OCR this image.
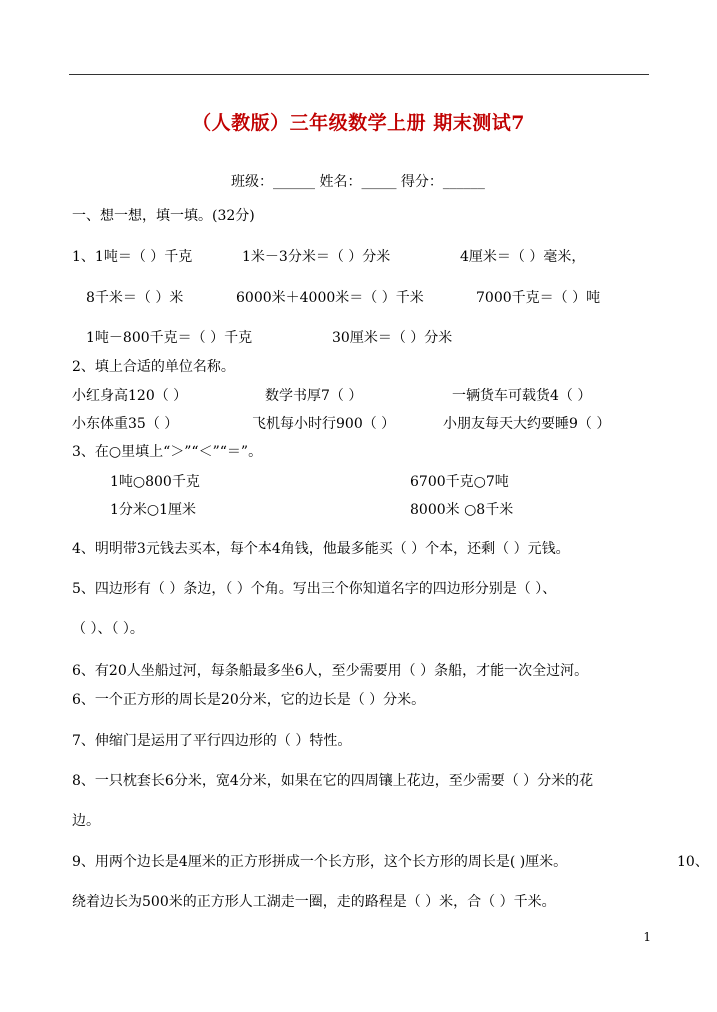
（人教版）三年级数学上册 期末测试7
班级：______ 姓名：_____ 得分：______
一、想一想，填一填。(32分)
1、1吨＝（ ）千克	1米－3分米＝（ ）分米	4厘米＝（ ）毫米，
8千米＝（ ）米	6000米＋4000米＝（ ）千米	7000千克＝（ ）吨
1吨－800千克＝（ ）千克	30厘米＝（ ）分米
2、填上合适的单位名称。
小红身高120（ ）	数学书厚7（ ）	一辆货车可载货4（ ）
小东体重35（ ）	飞机每小时行900（ ）	小朋友每天大约要睡9（ ）
3、在○里填上“＞”“＜”“＝”。
1吨○800千克	6700千克○7吨
1分米○1厘米	8000米 ○8千米
4、明明带3元钱去买本，每个本4角钱，他最多能买（ ）个本，还剩（ ）元钱。
5、四边形有（ ）条边，（ ）个角。写出三个你知道名字的四边形分别是（ ）、
（ ）、（ ）。
6、有20人坐船过河，每条船最多坐6人，至少需要用（ ）条船，才能一次全过河。
6、一个正方形的周长是20分米，它的边长是（ ）分米。
7、伸缩门是运用了平行四边形的（ ）特性。
8、一只枕套长6分米，宽4分米，如果在它的四周镶上花边，至少需要（ ）分米的花
边。
9、用两个边长是4厘米的正方形拼成一个长方形，这个长方形的周长是( )厘米。	10、
绕着边长为500米的正方形人工湖走一圈，走的路程是（ ）米，合（ ）千米。
1
